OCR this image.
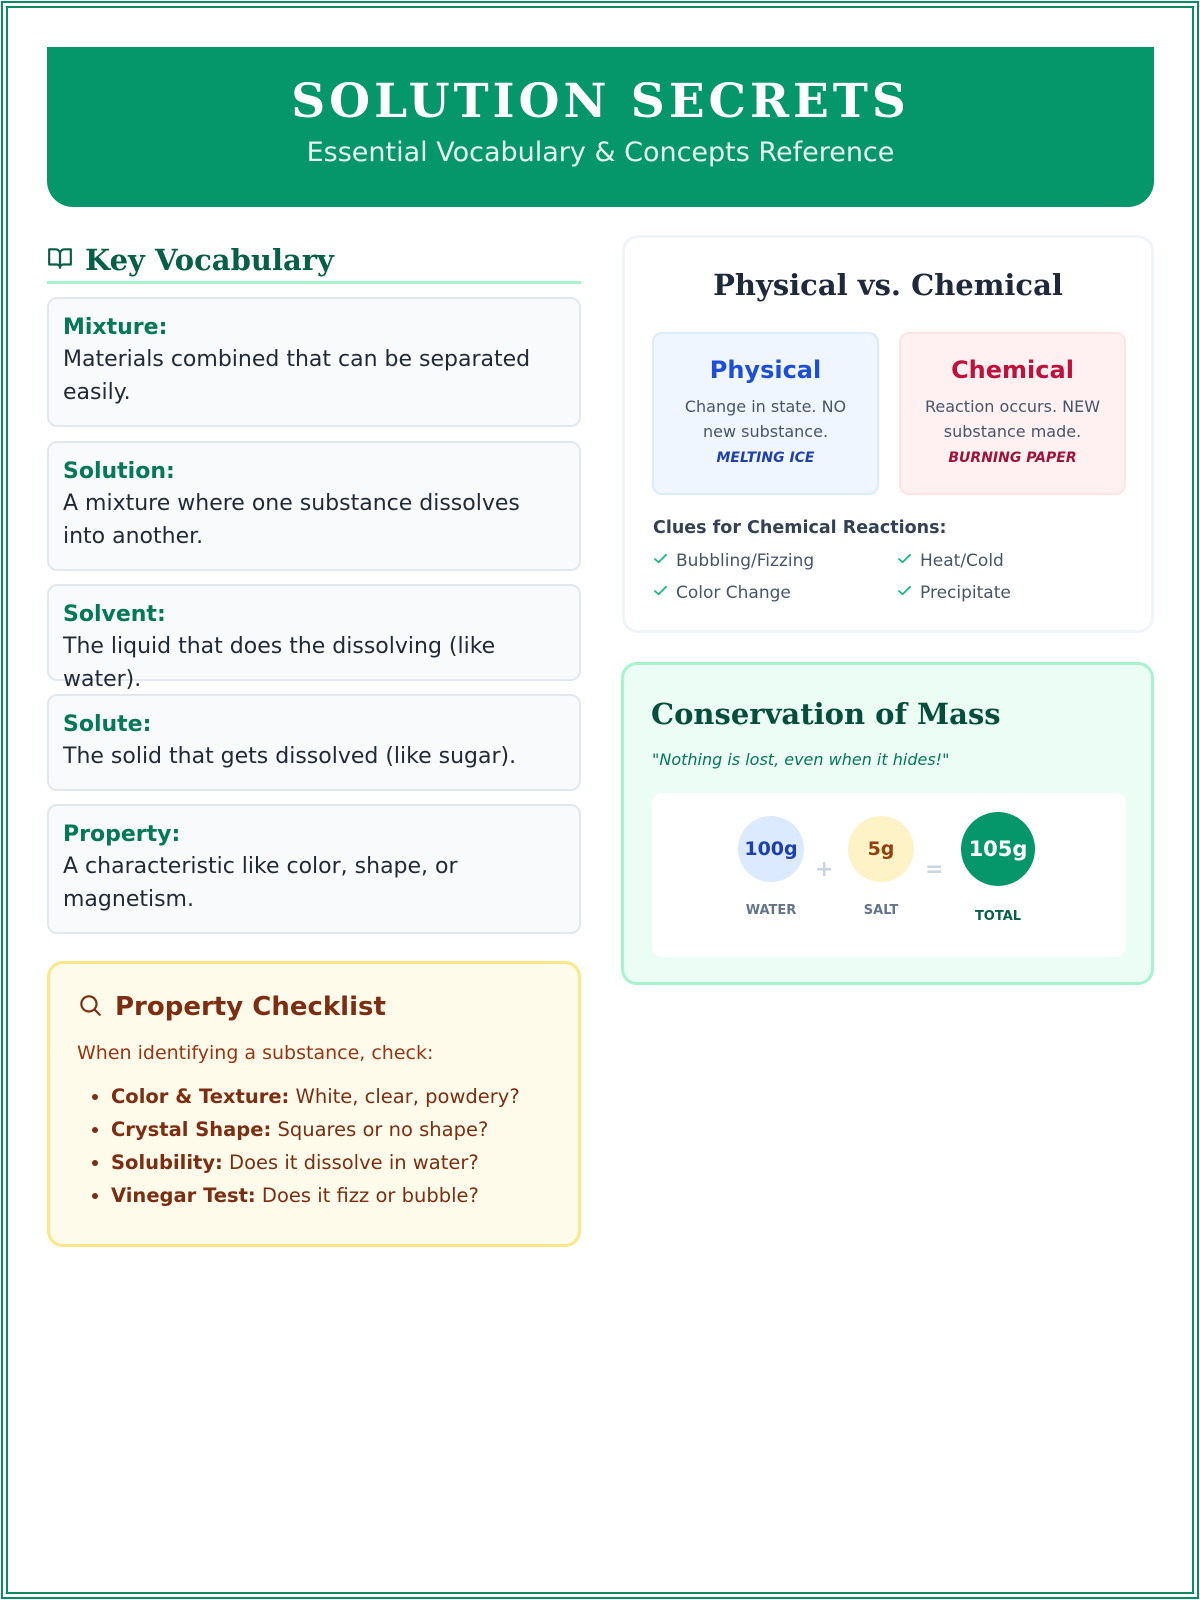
SOLUTION SECRETS
Essential Vocabulary & Concepts Reference
Key Vocabulary
Mixture:
Materials combined that can be separated easily.
Solution:
A mixture where one substance dissolves into another.
Solvent:
The liquid that does the dissolving (like water).
Solute:
The solid that gets dissolved (like sugar).
Property:
A characteristic like color, shape, or magnetism.
Property Checklist
When identifying a substance, check:
• Color & Texture: White, clear, powdery?
• Crystal Shape: Squares or no shape?
• Solubility: Does it dissolve in water?
• Vinegar Test: Does it fizz or bubble?
Physical vs. Chemical
Physical
Change in state. NO new substance.
MELTING ICE
Chemical
Reaction occurs. NEW substance made.
BURNING PAPER
Clues for Chemical Reactions:
Bubbling/Fizzing	Heat/Cold
Color Change	Precipitate
Conservation of Mass
"Nothing is lost, even when it hides!"
100g
+
5g
=
105g
WATER	SALT	TOTAL
